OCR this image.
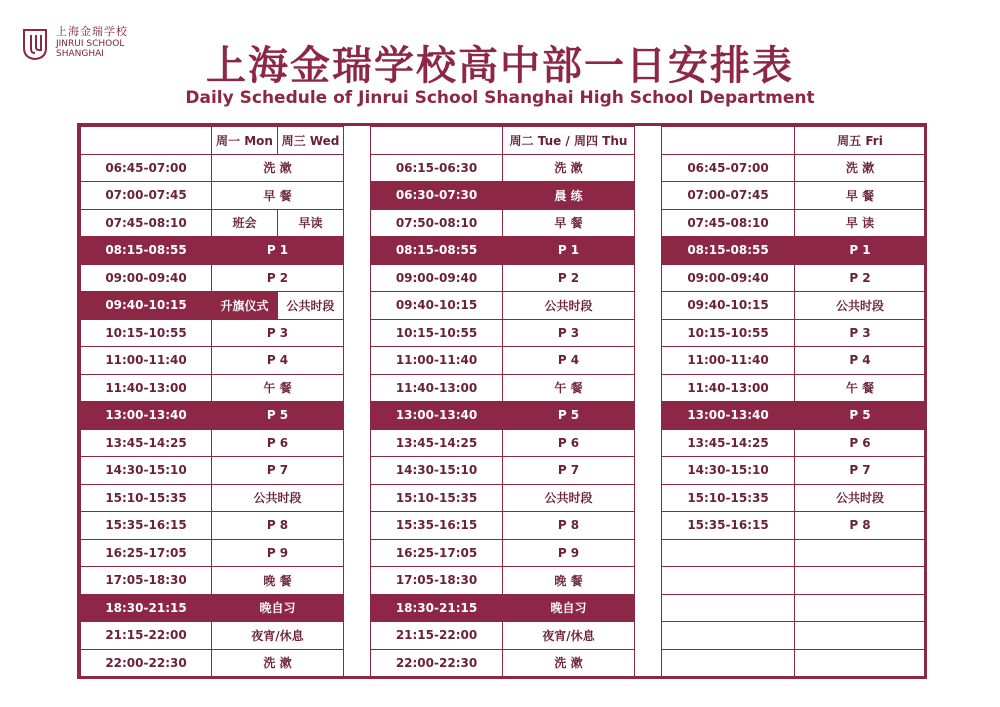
上海金瑞学校
JINRUI SCHOOL
SHANGHAI	上海金瑞学校高中部一日安排表
Daily Schedule of Jinrui School Shanghai High School Department
	周一 Mon	周三 Wed
06:45-07:00	洗 漱	
07:00-07:45	早 餐	
07:45-08:10	班会	早读
08:15-08:55	P 1	
09:00-09:40	P 2	
09:40-10:15	升旗仪式	公共时段
10:15-10:55	P 3	
11:00-11:40	P 4	
11:40-13:00	午 餐	
13:00-13:40	P 5	
13:45-14:25	P 6	
14:30-15:10	P 7	
15:10-15:35	公共时段	
15:35-16:15	P 8	
16:25-17:05	P 9	
17:05-18:30	晚 餐	
18:30-21:15	晚自习	
21:15-22:00	夜宵/休息	
22:00-22:30	洗 漱	
	周二 Tue / 周四 Thu
06:15-06:30	洗 漱
06:30-07:30	晨 练
07:50-08:10	早 餐
08:15-08:55	P 1
09:00-09:40	P 2
09:40-10:15	公共时段
10:15-10:55	P 3
11:00-11:40	P 4
11:40-13:00	午 餐
13:00-13:40	P 5
13:45-14:25	P 6
14:30-15:10	P 7
15:10-15:35	公共时段
15:35-16:15	P 8
16:25-17:05	P 9
17:05-18:30	晚 餐
18:30-21:15	晚自习
21:15-22:00	夜宵/休息
22:00-22:30	洗 漱
	周五 Fri
06:45-07:00	洗 漱
07:00-07:45	早 餐
07:45-08:10	早 读
08:15-08:55	P 1
09:00-09:40	P 2
09:40-10:15	公共时段
10:15-10:55	P 3
11:00-11:40	P 4
11:40-13:00	午 餐
13:00-13:40	P 5
13:45-14:25	P 6
14:30-15:10	P 7
15:10-15:35	公共时段
15:35-16:15	P 8
